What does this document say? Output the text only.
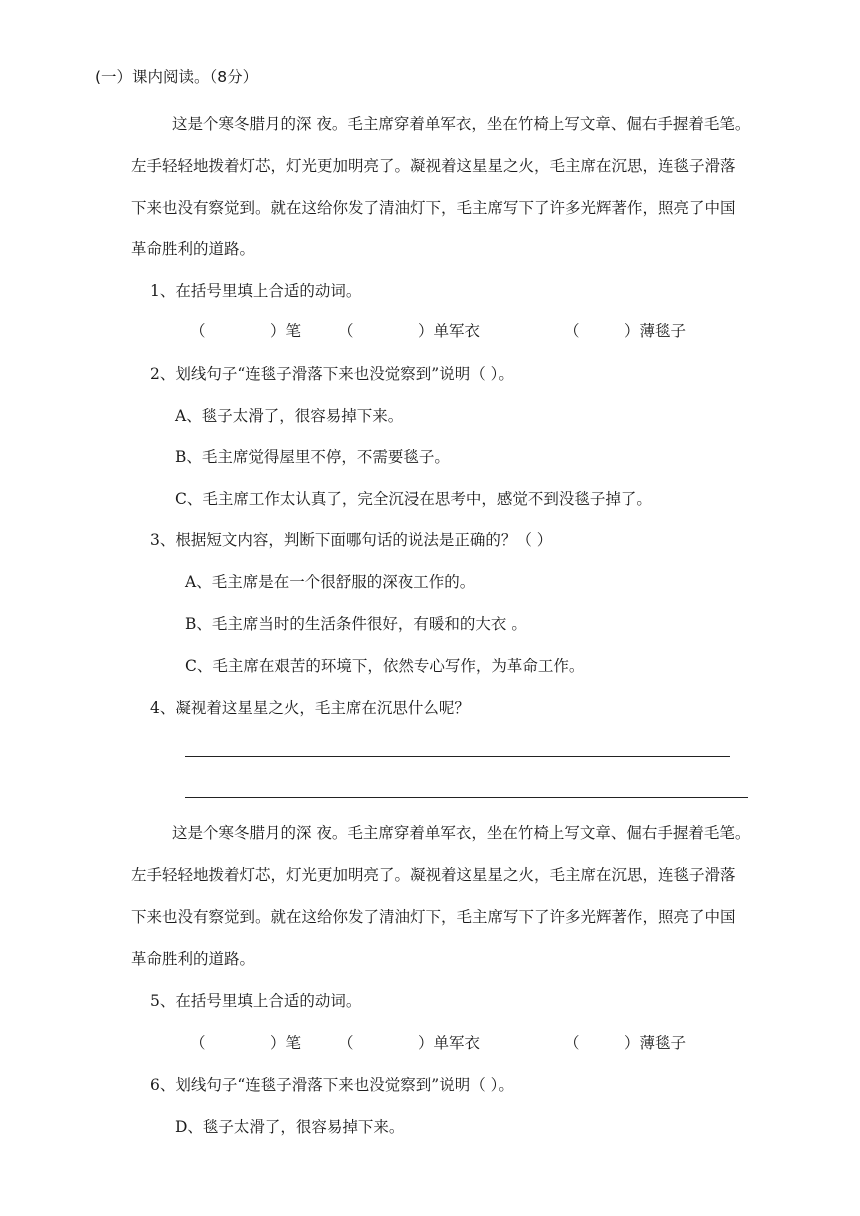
(一）课内阅读。（8分）
这是个寒冬腊月的深 夜。毛主席穿着单军衣，坐在竹椅上写文章、倔右手握着毛笔。
左手轻轻地拨着灯芯，灯光更加明亮了。凝视着这星星之火，毛主席在沉思，连毯子滑落
下来也没有察觉到。就在这给你发了清油灯下，毛主席写下了许多光辉著作，照亮了中国
革命胜利的道路。
1、在括号里填上合适的动词。
（	）笔 （	）单军衣	（	）薄毯子
2、划线句子“连毯子滑落下来也没觉察到”说明（ ）。
A、毯子太滑了，很容易掉下来。
B、毛主席觉得屋里不停，不需要毯子。
C、毛主席工作太认真了，完全沉浸在思考中，感觉不到没毯子掉了。
3、根据短文内容，判断下面哪句话的说法是正确的？（ ）
A、毛主席是在一个很舒服的深夜工作的。
B、毛主席当时的生活条件很好，有暖和的大衣 。
C、毛主席在艰苦的环境下，依然专心写作，为革命工作。
4、凝视着这星星之火，毛主席在沉思什么呢？
这是个寒冬腊月的深 夜。毛主席穿着单军衣，坐在竹椅上写文章、倔右手握着毛笔。
左手轻轻地拨着灯芯，灯光更加明亮了。凝视着这星星之火，毛主席在沉思，连毯子滑落
下来也没有察觉到。就在这给你发了清油灯下，毛主席写下了许多光辉著作，照亮了中国
革命胜利的道路。
5、在括号里填上合适的动词。
（	）笔 （	）单军衣	（	）薄毯子
6、划线句子“连毯子滑落下来也没觉察到”说明（ ）。
D、毯子太滑了，很容易掉下来。
